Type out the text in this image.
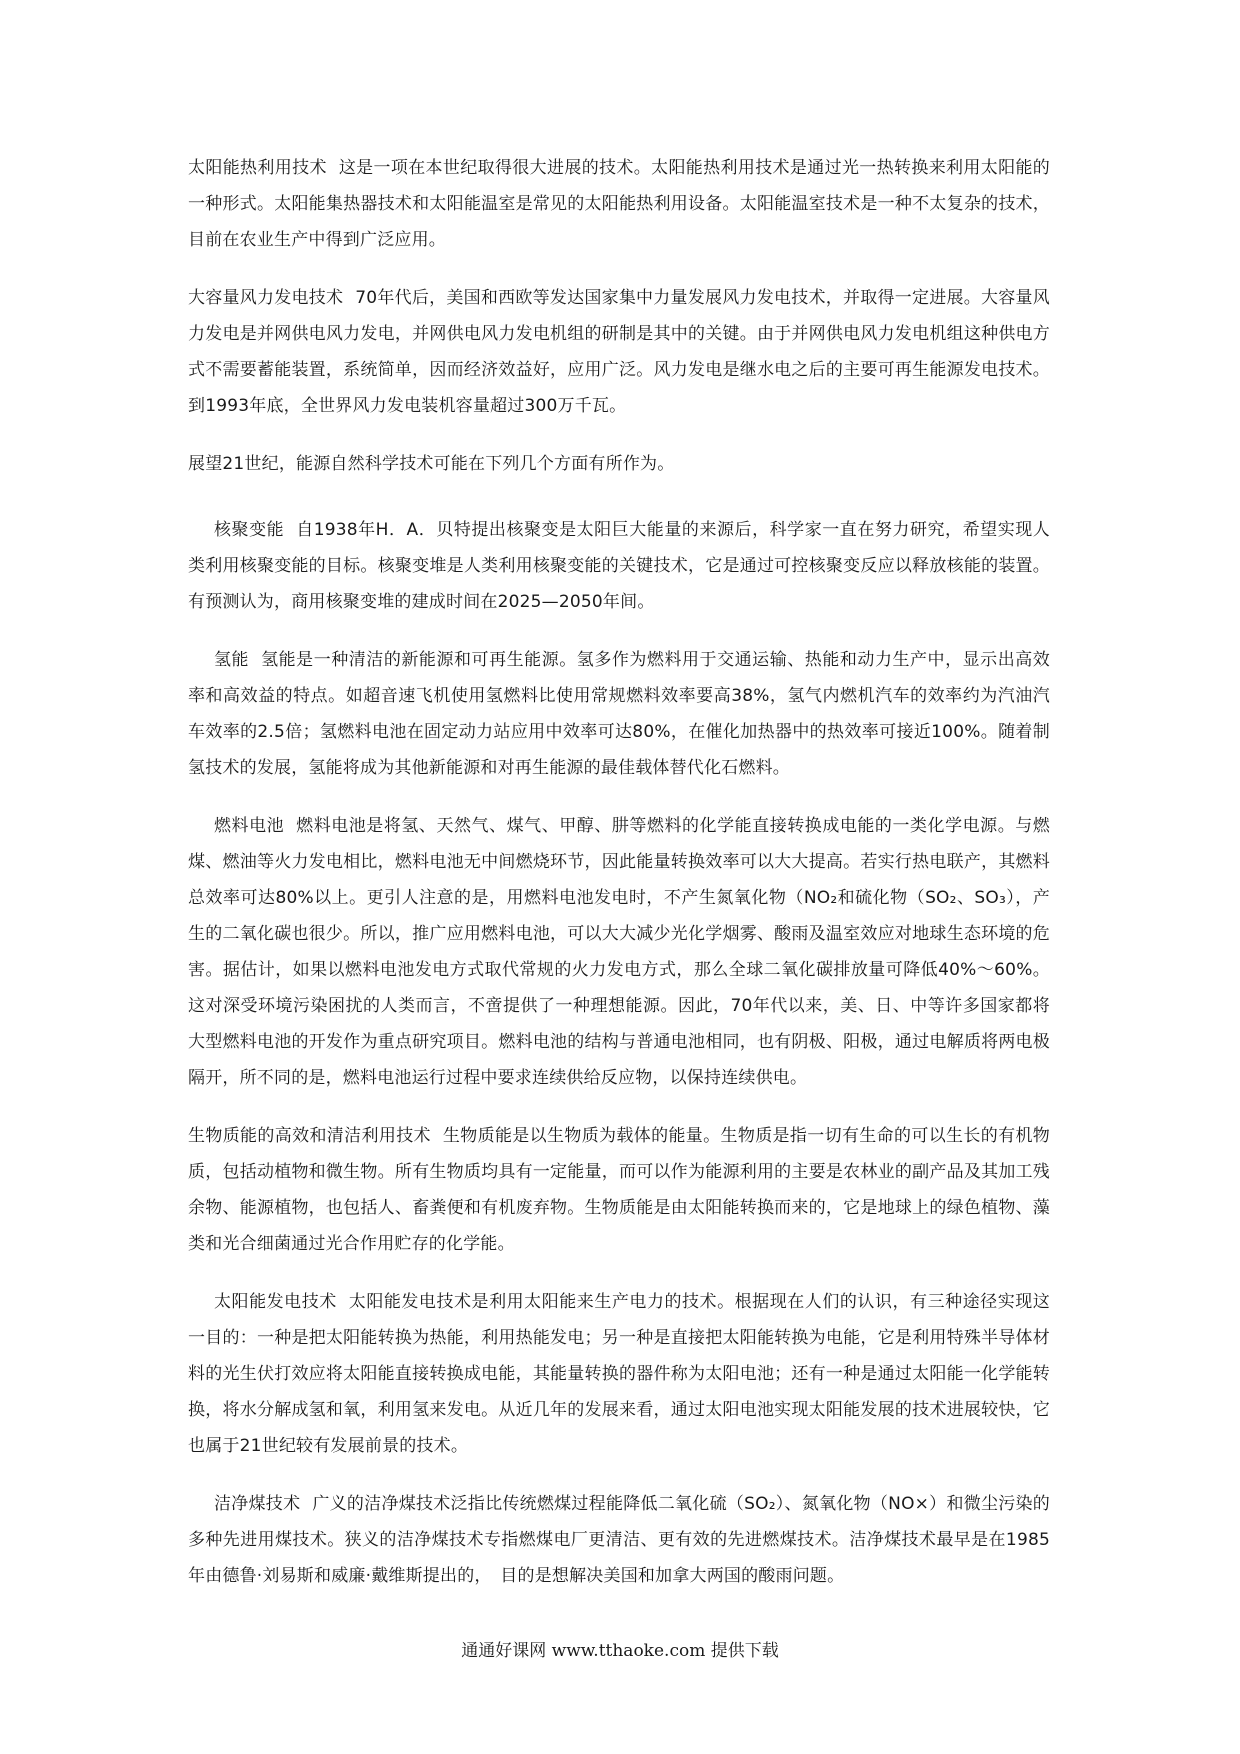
太阳能热利用技术 这是一项在本世纪取得很大进展的技术。太阳能热利用技术是通过光一热转换来利用太阳能的一种形式。太阳能集热器技术和太阳能温室是常见的太阳能热利用设备。太阳能温室技术是一种不太复杂的技术，目前在农业生产中得到广泛应用。

大容量风力发电技术 70年代后，美国和西欧等发达国家集中力量发展风力发电技术，并取得一定进展。大容量风力发电是并网供电风力发电，并网供电风力发电机组的研制是其中的关键。由于并网供电风力发电机组这种供电方式不需要蓄能装置，系统简单，因而经济效益好，应用广泛。风力发电是继水电之后的主要可再生能源发电技术。到1993年底，全世界风力发电装机容量超过300万千瓦。

展望21世纪，能源自然科学技术可能在下列几个方面有所作为。

核聚变能 自1938年H．A．贝特提出核聚变是太阳巨大能量的来源后，科学家一直在努力研究，希望实现人类利用核聚变能的目标。核聚变堆是人类利用核聚变能的关键技术，它是通过可控核聚变反应以释放核能的装置。有预测认为，商用核聚变堆的建成时间在2025—2050年间。

氢能 氢能是一种清洁的新能源和可再生能源。氢多作为燃料用于交通运输、热能和动力生产中，显示出高效率和高效益的特点。如超音速飞机使用氢燃料比使用常规燃料效率要高38%，氢气内燃机汽车的效率约为汽油汽车效率的2.5倍；氢燃料电池在固定动力站应用中效率可达80%，在催化加热器中的热效率可接近100%。随着制氢技术的发展，氢能将成为其他新能源和对再生能源的最佳载体替代化石燃料。

燃料电池 燃料电池是将氢、天然气、煤气、甲醇、肼等燃料的化学能直接转换成电能的一类化学电源。与燃煤、燃油等火力发电相比，燃料电池无中间燃烧环节，因此能量转换效率可以大大提高。若实行热电联产，其燃料总效率可达80%以上。更引人注意的是，用燃料电池发电时，不产生氮氧化物（NO₂和硫化物（SO₂、SO₃），产生的二氧化碳也很少。所以，推广应用燃料电池，可以大大减少光化学烟雾、酸雨及温室效应对地球生态环境的危害。据估计，如果以燃料电池发电方式取代常规的火力发电方式，那么全球二氧化碳排放量可降低40%～60%。这对深受环境污染困扰的人类而言，不啻提供了一种理想能源。因此，70年代以来，美、日、中等许多国家都将大型燃料电池的开发作为重点研究项目。燃料电池的结构与普通电池相同，也有阴极、阳极，通过电解质将两电极隔开，所不同的是，燃料电池运行过程中要求连续供给反应物，以保持连续供电。

生物质能的高效和清洁利用技术 生物质能是以生物质为载体的能量。生物质是指一切有生命的可以生长的有机物质，包括动植物和微生物。所有生物质均具有一定能量，而可以作为能源利用的主要是农林业的副产品及其加工残余物、能源植物，也包括人、畜粪便和有机废弃物。生物质能是由太阳能转换而来的，它是地球上的绿色植物、藻类和光合细菌通过光合作用贮存的化学能。

太阳能发电技术 太阳能发电技术是利用太阳能来生产电力的技术。根据现在人们的认识，有三种途径实现这一目的：一种是把太阳能转换为热能，利用热能发电；另一种是直接把太阳能转换为电能，它是利用特殊半导体材料的光生伏打效应将太阳能直接转换成电能，其能量转换的器件称为太阳电池；还有一种是通过太阳能一化学能转换，将水分解成氢和氧，利用氢来发电。从近几年的发展来看，通过太阳电池实现太阳能发展的技术进展较快，它也属于21世纪较有发展前景的技术。

洁净煤技术 广义的洁净煤技术泛指比传统燃煤过程能降低二氧化硫（SO₂）、氮氧化物（NO×）和微尘污染的多种先进用煤技术。狭义的洁净煤技术专指燃煤电厂更清洁、更有效的先进燃煤技术。洁净煤技术最早是在1985年由德鲁·刘易斯和威廉·戴维斯提出的，　目的是想解决美国和加拿大两国的酸雨问题。

通通好课网 www.tthaoke.com 提供下载
